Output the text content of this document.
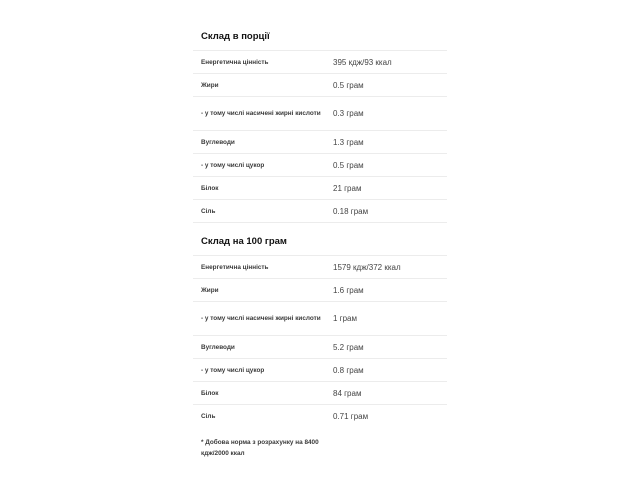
Склад в порції
Енергетична цінність	395 кдж/93 ккал
Жири	0.5 грам
- у тому числі насичені жирні кислоти	0.3 грам
Вуглеводи	1.3 грам
- у тому числі цукор	0.5 грам
Білок	21 грам
Сіль	0.18 грам
Склад на 100 грам
Енергетична цінність	1579 кдж/372 ккал
Жири	1.6 грам
- у тому числі насичені жирні кислоти	1 грам
Вуглеводи	5.2 грам
- у тому числі цукор	0.8 грам
Білок	84 грам
Сіль	0.71 грам
* Добова норма з розрахунку на 8400 кдж/2000 ккал
